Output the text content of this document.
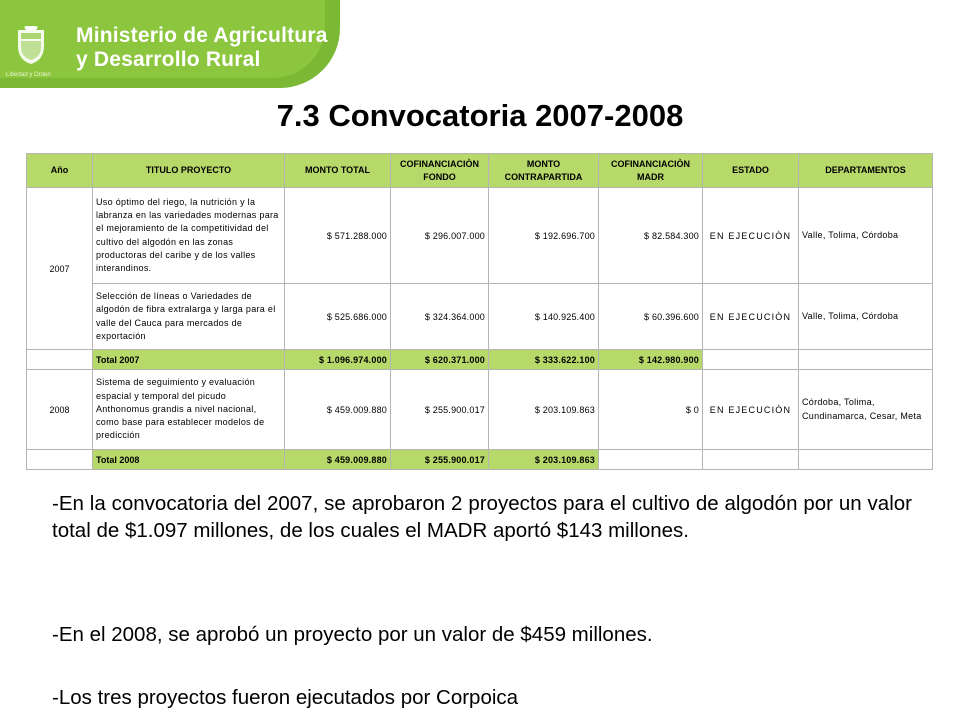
Libertad y Orden
Ministerio de Agricultura
y Desarrollo Rural
7.3 Convocatoria 2007-2008
Año	TITULO PROYECTO	MONTO TOTAL	COFINANCIACIÒN FONDO	MONTO CONTRAPARTIDA	COFINANCIACIÒN MADR	ESTADO	DEPARTAMENTOS
2007	Uso óptimo del riego, la nutrición y la labranza en las variedades modernas para el mejoramiento de la competitividad del cultivo del algodón en las zonas productoras del caribe y de los valles interandinos.	$ 571.288.000	$ 296.007.000	$ 192.696.700	$ 82.584.300	EN EJECUCIÒN	Valle, Tolima, Córdoba
	Selección de líneas o Variedades de algodón de fibra extralarga y larga para el valle del Cauca para mercados de exportación	$ 525.686.000	$ 324.364.000	$ 140.925.400	$ 60.396.600	EN EJECUCIÒN	Valle, Tolima, Córdoba
	Total 2007	$ 1.096.974.000	$ 620.371.000	$ 333.622.100	$ 142.980.900		
2008	Sistema de seguimiento y evaluación espacial y temporal del picudo Anthonomus grandis a nivel nacional, como base para establecer modelos de predicción	$ 459.009.880	$ 255.900.017	$ 203.109.863	$ 0	EN EJECUCIÒN	Córdoba, Tolima, Cundinamarca, Cesar, Meta
	Total 2008	$ 459.009.880	$ 255.900.017	$ 203.109.863			
-En la convocatoria del 2007, se aprobaron 2 proyectos para el cultivo de algodón por un valor total de $1.097 millones, de los cuales el MADR aportó $143 millones.
-En el 2008, se aprobó un proyecto por un valor de $459 millones.
-Los tres proyectos fueron ejecutados por Corpoica
